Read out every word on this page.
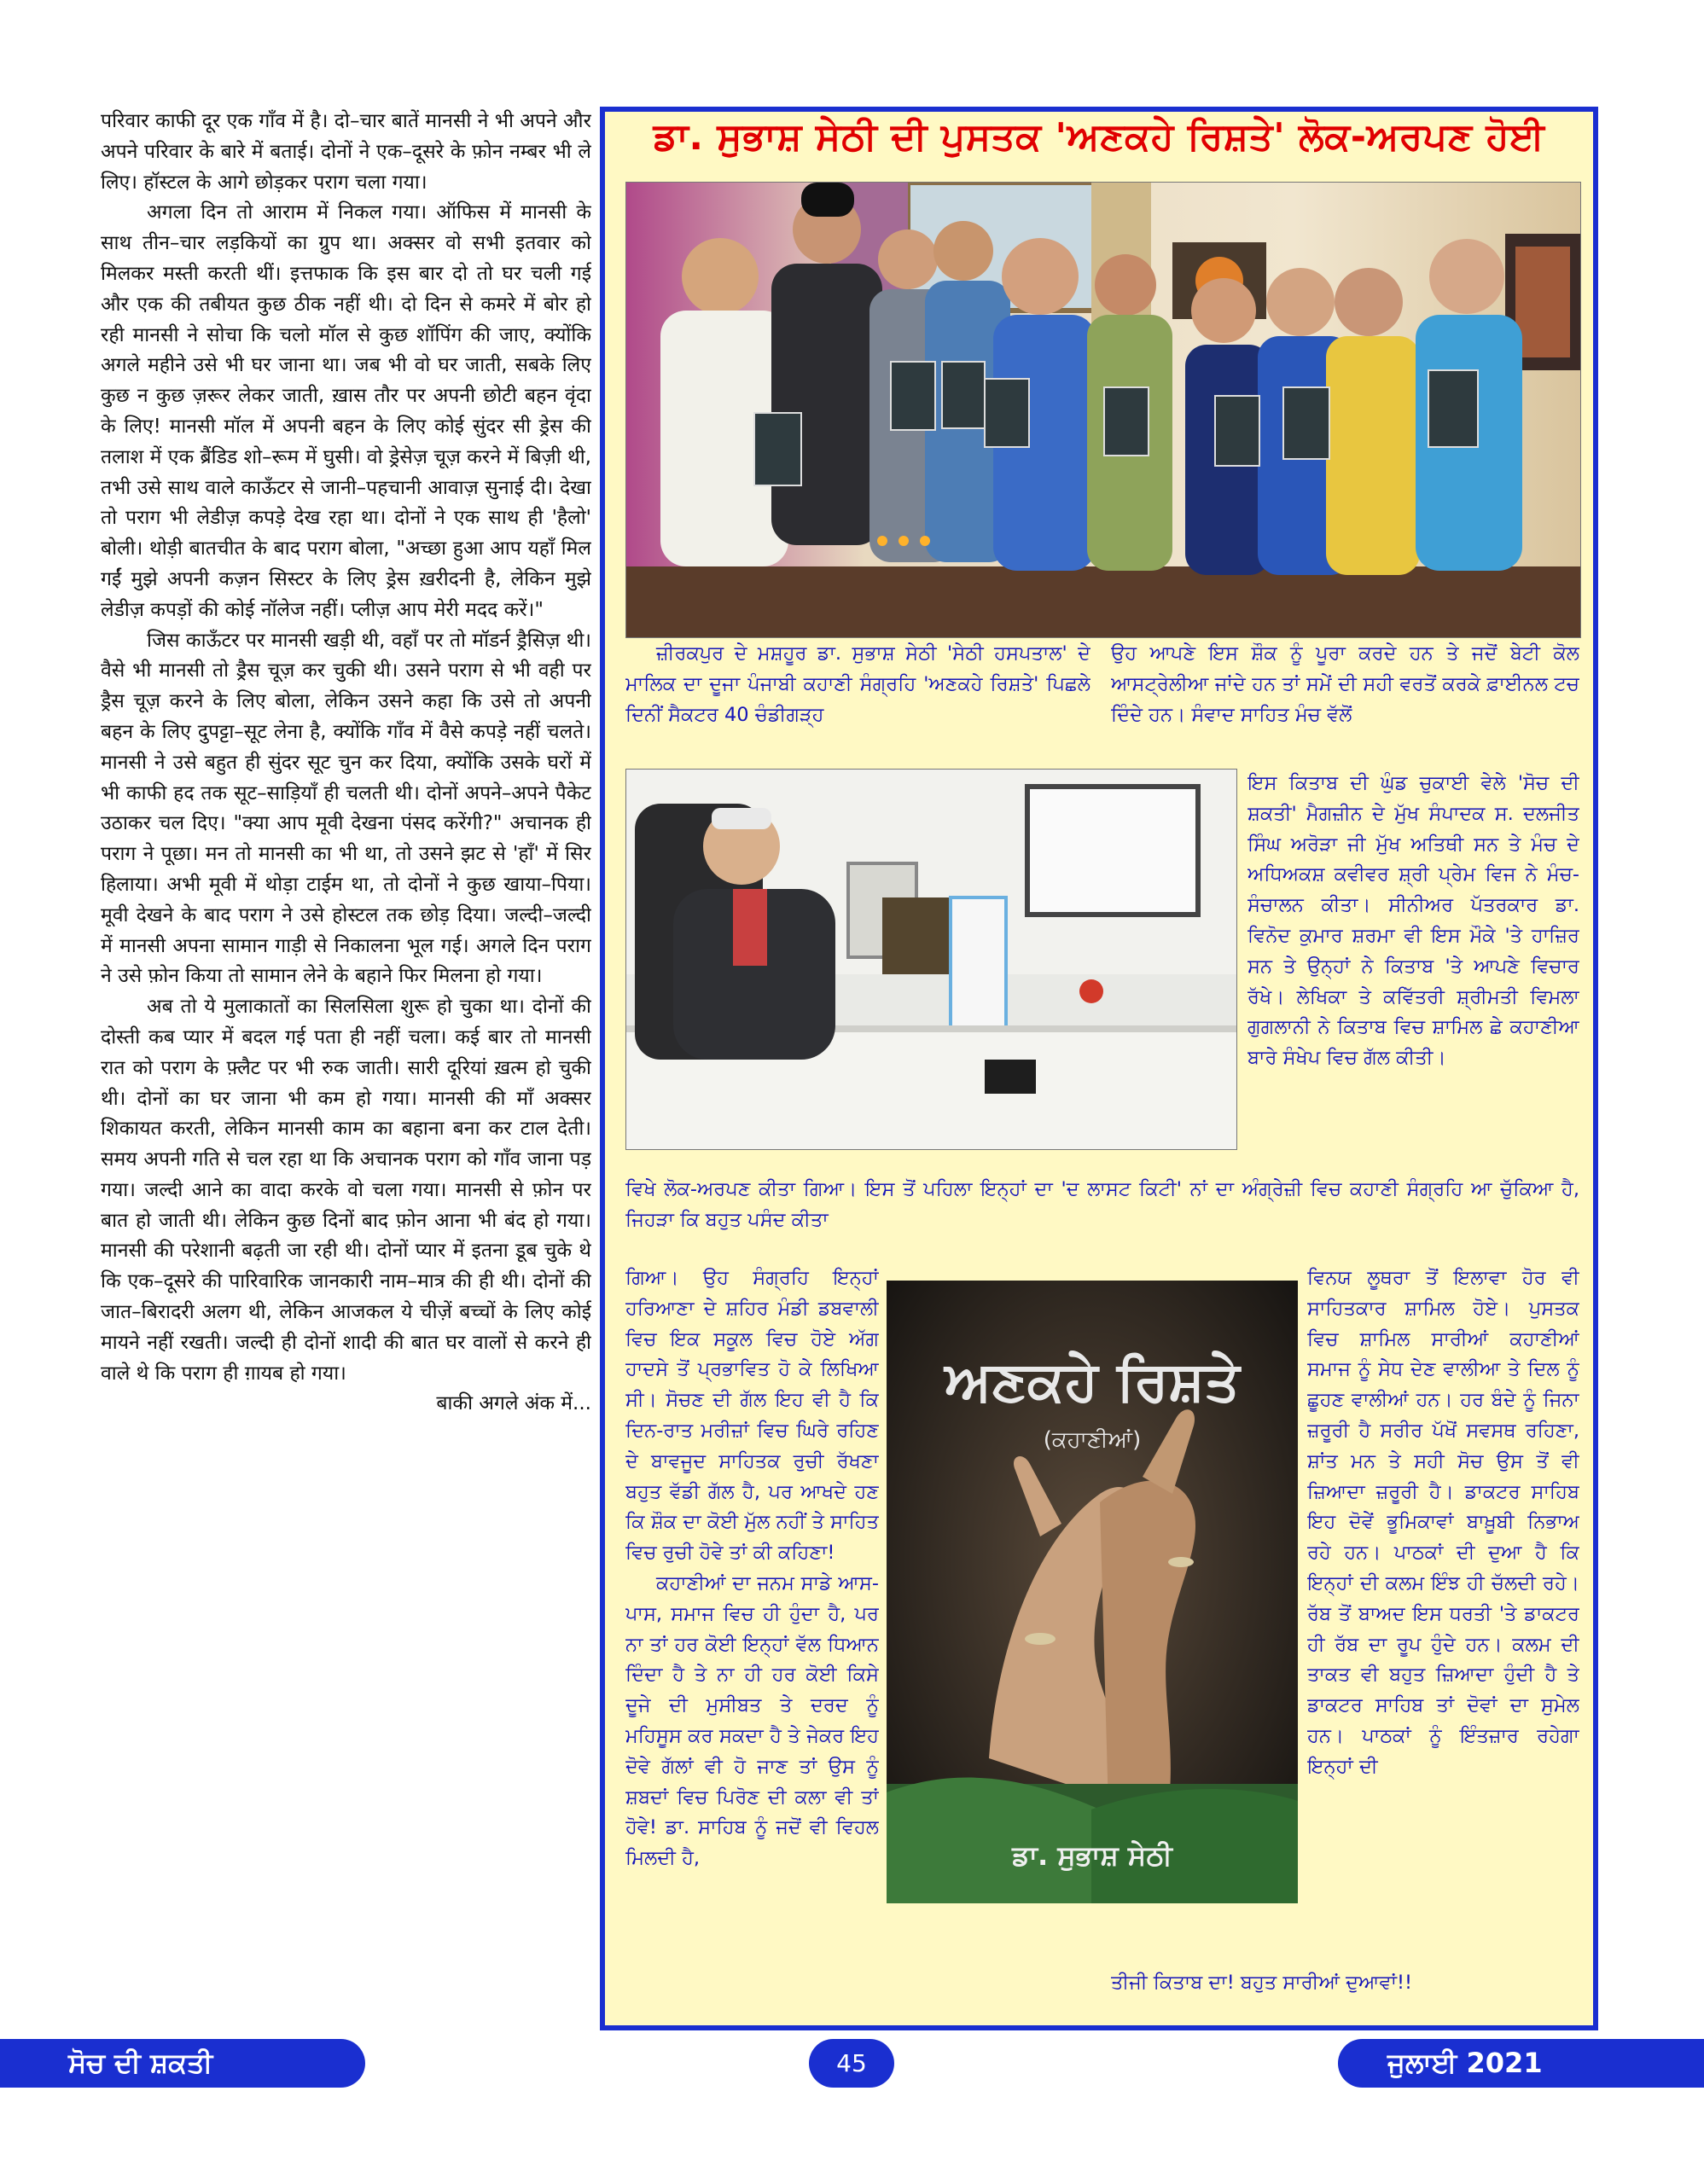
परिवार काफी दूर एक गाँव में है। दो–चार बातें मानसी ने भी अपने और अपने परिवार के बारे में बताई। दोनों ने एक–दूसरे के फ़ोन नम्बर भी ले लिए। हॉस्टल के आगे छोड़कर पराग चला गया।

अगला दिन तो आराम में निकल गया। ऑफिस में मानसी के साथ तीन–चार लड़कियों का ग्रुप था। अक्सर वो सभी इतवार को मिलकर मस्ती करती थीं। इत्तफाक कि इस बार दो तो घर चली गई और एक की तबीयत कुछ ठीक नहीं थी। दो दिन से कमरे में बोर हो रही मानसी ने सोचा कि चलो मॉल से कुछ शॉपिंग की जाए, क्योंकि अगले महीने उसे भी घर जाना था। जब भी वो घर जाती, सबके लिए कुछ न कुछ ज़रूर लेकर जाती, ख़ास तौर पर अपनी छोटी बहन वृंदा के लिए! मानसी मॉल में अपनी बहन के लिए कोई सुंदर सी ड्रेस की तलाश में एक ब्रैंडिड शो–रूम में घुसी। वो ड्रेसेज़ चूज़ करने में बिज़ी थी, तभी उसे साथ वाले काऊँटर से जानी–पहचानी आवाज़ सुनाई दी। देखा तो पराग भी लेडीज़ कपड़े देख रहा था। दोनों ने एक साथ ही 'हैलो' बोली। थोड़ी बातचीत के बाद पराग बोला, "अच्छा हुआ आप यहाँ मिल गईं मुझे अपनी कज़न सिस्टर के लिए ड्रेस ख़रीदनी है, लेकिन मुझे लेडीज़ कपड़ों की कोई नॉलेज नहीं। प्लीज़ आप मेरी मदद करें।"

जिस काऊँटर पर मानसी खड़ी थी, वहाँ पर तो मॉडर्न ड्रैसिज़ थी। वैसे भी मानसी तो ड्रैस चूज़ कर चुकी थी। उसने पराग से भी वही पर ड्रैस चूज़ करने के लिए बोला, लेकिन उसने कहा कि उसे तो अपनी बहन के लिए दुपट्टा–सूट लेना है, क्योंकि गाँव में वैसे कपड़े नहीं चलते। मानसी ने उसे बहुत ही सुंदर सूट चुन कर दिया, क्योंकि उसके घरों में भी काफी हद तक सूट–साड़ियाँ ही चलती थी। दोनों अपने–अपने पैकेट उठाकर चल दिए। "क्या आप मूवी देखना पंसद करेंगी?" अचानक ही पराग ने पूछा। मन तो मानसी का भी था, तो उसने झट से 'हाँ' में सिर हिलाया। अभी मूवी में थोड़ा टाईम था, तो दोनों ने कुछ खाया–पिया। मूवी देखने के बाद पराग ने उसे होस्टल तक छोड़ दिया। जल्दी–जल्दी में मानसी अपना सामान गाड़ी से निकालना भूल गई। अगले दिन पराग ने उसे फ़ोन किया तो सामान लेने के बहाने फिर मिलना हो गया।

अब तो ये मुलाकातों का सिलसिला शुरू हो चुका था। दोनों की दोस्ती कब प्यार में बदल गई पता ही नहीं चला। कई बार तो मानसी रात को पराग के फ़्लैट पर भी रुक जाती। सारी दूरियां ख़त्म हो चुकी थी। दोनों का घर जाना भी कम हो गया। मानसी की माँ अक्सर शिकायत करती, लेकिन मानसी काम का बहाना बना कर टाल देती। समय अपनी गति से चल रहा था कि अचानक पराग को गाँव जाना पड़ गया। जल्दी आने का वादा करके वो चला गया। मानसी से फ़ोन पर बात हो जाती थी। लेकिन कुछ दिनों बाद फ़ोन आना भी बंद हो गया। मानसी की परेशानी बढ़ती जा रही थी। दोनों प्यार में इतना डूब चुके थे कि एक–दूसरे की पारिवारिक जानकारी नाम–मात्र की ही थी। दोनों की जात–बिरादरी अलग थी, लेकिन आजकल ये चीज़ें बच्चों के लिए कोई मायने नहीं रखती। जल्दी ही दोनों शादी की बात घर वालों से करने ही वाले थे कि पराग ही ग़ायब हो गया।

बाकी अगले अंक में...

ਡਾ. ਸੁਭਾਸ਼ ਸੇਠੀ ਦੀ ਪੁਸਤਕ 'ਅਣਕਹੇ ਰਿਸ਼ਤੇ' ਲੋਕ-ਅਰਪਣ ਹੋਈ

ਜ਼ੀਰਕਪੁਰ ਦੇ ਮਸ਼ਹੂਰ ਡਾ. ਸੁਭਾਸ਼ ਸੇਠੀ 'ਸੇਠੀ ਹਸਪਤਾਲ' ਦੇ ਮਾਲਿਕ ਦਾ ਦੂਜਾ ਪੰਜਾਬੀ ਕਹਾਣੀ ਸੰਗ੍ਰਹਿ 'ਅਣਕਹੇ ਰਿਸ਼ਤੇ' ਪਿਛਲੇ ਦਿਨੀਂ ਸੈਕਟਰ 40 ਚੰਡੀਗੜ੍ਹ

ਉਹ ਆਪਣੇ ਇਸ ਸ਼ੌਕ ਨੂੰ ਪੂਰਾ ਕਰਦੇ ਹਨ ਤੇ ਜਦੋਂ ਬੇਟੀ ਕੋਲ ਆਸਟ੍ਰੇਲੀਆ ਜਾਂਦੇ ਹਨ ਤਾਂ ਸਮੇਂ ਦੀ ਸਹੀ ਵਰਤੋਂ ਕਰਕੇ ਫ਼ਾਈਨਲ ਟਚ ਦਿੰਦੇ ਹਨ। ਸੰਵਾਦ ਸਾਹਿਤ ਮੰਚ ਵੱਲੋਂ

ਇਸ ਕਿਤਾਬ ਦੀ ਘੁੰਡ ਚੁਕਾਈ ਵੇਲੇ 'ਸੋਚ ਦੀ ਸ਼ਕਤੀ' ਮੈਗਜ਼ੀਨ ਦੇ ਮੁੱਖ ਸੰਪਾਦਕ ਸ. ਦਲਜੀਤ ਸਿੰਘ ਅਰੋੜਾ ਜੀ ਮੁੱਖ ਅਤਿਥੀ ਸਨ ਤੇ ਮੰਚ ਦੇ ਅਧਿਅਕਸ਼ ਕਵੀਵਰ ਸ਼੍ਰੀ ਪ੍ਰੇਮ ਵਿਜ ਨੇ ਮੰਚ-ਸੰਚਾਲਨ ਕੀਤਾ। ਸੀਨੀਅਰ ਪੱਤਰਕਾਰ ਡਾ. ਵਿਨੋਦ ਕੁਮਾਰ ਸ਼ਰਮਾ ਵੀ ਇਸ ਮੌਕੇ 'ਤੇ ਹਾਜ਼ਿਰ ਸਨ ਤੇ ਉਨ੍ਹਾਂ ਨੇ ਕਿਤਾਬ 'ਤੇ ਆਪਣੇ ਵਿਚਾਰ ਰੱਖੇ। ਲੇਖਿਕਾ ਤੇ ਕਵਿੱਤਰੀ ਸ਼੍ਰੀਮਤੀ ਵਿਮਲਾ ਗੁਗਲਾਨੀ ਨੇ ਕਿਤਾਬ ਵਿਚ ਸ਼ਾਮਿਲ ਛੇ ਕਹਾਣੀਆ ਬਾਰੇ ਸੰਖੇਪ ਵਿਚ ਗੱਲ ਕੀਤੀ।

ਵਿਖੇ ਲੋਕ-ਅਰਪਣ ਕੀਤਾ ਗਿਆ। ਇਸ ਤੋਂ ਪਹਿਲਾ ਇਨ੍ਹਾਂ ਦਾ 'ਦ ਲਾਸਟ ਕਿਟੀ' ਨਾਂ ਦਾ ਅੰਗ੍ਰੇਜ਼ੀ ਵਿਚ ਕਹਾਣੀ ਸੰਗ੍ਰਹਿ ਆ ਚੁੱਕਿਆ ਹੈ, ਜਿਹੜਾ ਕਿ ਬਹੁਤ ਪਸੰਦ ਕੀਤਾ

ਗਿਆ। ਉਹ ਸੰਗ੍ਰਹਿ ਇਨ੍ਹਾਂ ਹਰਿਆਣਾ ਦੇ ਸ਼ਹਿਰ ਮੰਡੀ ਡਬਵਾਲੀ ਵਿਚ ਇਕ ਸਕੂਲ ਵਿਚ ਹੋਏ ਅੱਗ ਹਾਦਸੇ ਤੋਂ ਪ੍ਰਭਾਵਿਤ ਹੋ ਕੇ ਲਿਖਿਆ ਸੀ। ਸੋਚਣ ਦੀ ਗੱਲ ਇਹ ਵੀ ਹੈ ਕਿ ਦਿਨ-ਰਾਤ ਮਰੀਜ਼ਾਂ ਵਿਚ ਘਿਰੇ ਰਹਿਣ ਦੇ ਬਾਵਜੂਦ ਸਾਹਿਤਕ ਰੁਚੀ ਰੱਖਣਾ ਬਹੁਤ ਵੱਡੀ ਗੱਲ ਹੈ, ਪਰ ਆਖਦੇ ਹਣ ਕਿ ਸ਼ੌਕ ਦਾ ਕੋਈ ਮੁੱਲ ਨਹੀਂ ਤੇ ਸਾਹਿਤ ਵਿਚ ਰੁਚੀ ਹੋਵੇ ਤਾਂ ਕੀ ਕਹਿਣਾ!

ਕਹਾਣੀਆਂ ਦਾ ਜਨਮ ਸਾਡੇ ਆਸ-ਪਾਸ, ਸਮਾਜ ਵਿਚ ਹੀ ਹੁੰਦਾ ਹੈ, ਪਰ ਨਾ ਤਾਂ ਹਰ ਕੋਈ ਇਨ੍ਹਾਂ ਵੱਲ ਧਿਆਨ ਦਿੰਦਾ ਹੈ ਤੇ ਨਾ ਹੀ ਹਰ ਕੋਈ ਕਿਸੇ ਦੂਜੇ ਦੀ ਮੁਸੀਬਤ ਤੇ ਦਰਦ ਨੂੰ ਮਹਿਸੂਸ ਕਰ ਸਕਦਾ ਹੈ ਤੇ ਜੇਕਰ ਇਹ ਦੋਵੇ ਗੱਲਾਂ ਵੀ ਹੋ ਜਾਣ ਤਾਂ ਉਸ ਨੂੰ ਸ਼ਬਦਾਂ ਵਿਚ ਪਿਰੋਣ ਦੀ ਕਲਾ ਵੀ ਤਾਂ ਹੋਵੇ! ਡਾ. ਸਾਹਿਬ ਨੂੰ ਜਦੋਂ ਵੀ ਵਿਹਲ ਮਿਲਦੀ ਹੈ,

ਅਣਕਹੇ ਰਿਸ਼ਤੇ
(ਕਹਾਣੀਆਂ)
ਡਾ. ਸੁਭਾਸ਼ ਸੇਠੀ

ਵਿਨਯ ਲੂਥਰਾ ਤੋਂ ਇਲਾਵਾ ਹੋਰ ਵੀ ਸਾਹਿਤਕਾਰ ਸ਼ਾਮਿਲ ਹੋਏ। ਪੁਸਤਕ ਵਿਚ ਸ਼ਾਮਿਲ ਸਾਰੀਆਂ ਕਹਾਣੀਆਂ ਸਮਾਜ ਨੂੰ ਸੇਧ ਦੇਣ ਵਾਲੀਆ ਤੇ ਦਿਲ ਨੂੰ ਛੂਹਣ ਵਾਲੀਆਂ ਹਨ। ਹਰ ਬੰਦੇ ਨੂੰ ਜਿਨਾ ਜ਼ਰੂਰੀ ਹੈ ਸਰੀਰ ਪੱਖੋਂ ਸਵਸਥ ਰਹਿਣਾ, ਸ਼ਾਂਤ ਮਨ ਤੇ ਸਹੀ ਸੋਚ ਉਸ ਤੋਂ ਵੀ ਜ਼ਿਆਦਾ ਜ਼ਰੂਰੀ ਹੈ। ਡਾਕਟਰ ਸਾਹਿਬ ਇਹ ਦੋਵੇਂ ਭੂਮਿਕਾਵਾਂ ਬਾਖ਼ੂਬੀ ਨਿਭਾਅ ਰਹੇ ਹਨ। ਪਾਠਕਾਂ ਦੀ ਦੁਆ ਹੈ ਕਿ ਇਨ੍ਹਾਂ ਦੀ ਕਲਮ ਇੰਝ ਹੀ ਚੱਲਦੀ ਰਹੇ। ਰੱਬ ਤੋਂ ਬਾਅਦ ਇਸ ਧਰਤੀ 'ਤੇ ਡਾਕਟਰ ਹੀ ਰੱਬ ਦਾ ਰੂਪ ਹੁੰਦੇ ਹਨ। ਕਲਮ ਦੀ ਤਾਕਤ ਵੀ ਬਹੁਤ ਜ਼ਿਆਦਾ ਹੁੰਦੀ ਹੈ ਤੇ ਡਾਕਟਰ ਸਾਹਿਬ ਤਾਂ ਦੋਵਾਂ ਦਾ ਸੁਮੇਲ ਹਨ। ਪਾਠਕਾਂ ਨੂੰ ਇੰਤਜ਼ਾਰ ਰਹੇਗਾ ਇਨ੍ਹਾਂ ਦੀ

ਤੀਜੀ ਕਿਤਾਬ ਦਾ! ਬਹੁਤ ਸਾਰੀਆਂ ਦੁਆਵਾਂ!!

ਸੋਚ ਦੀ ਸ਼ਕਤੀ	45	ਜੁਲਾਈ 2021
